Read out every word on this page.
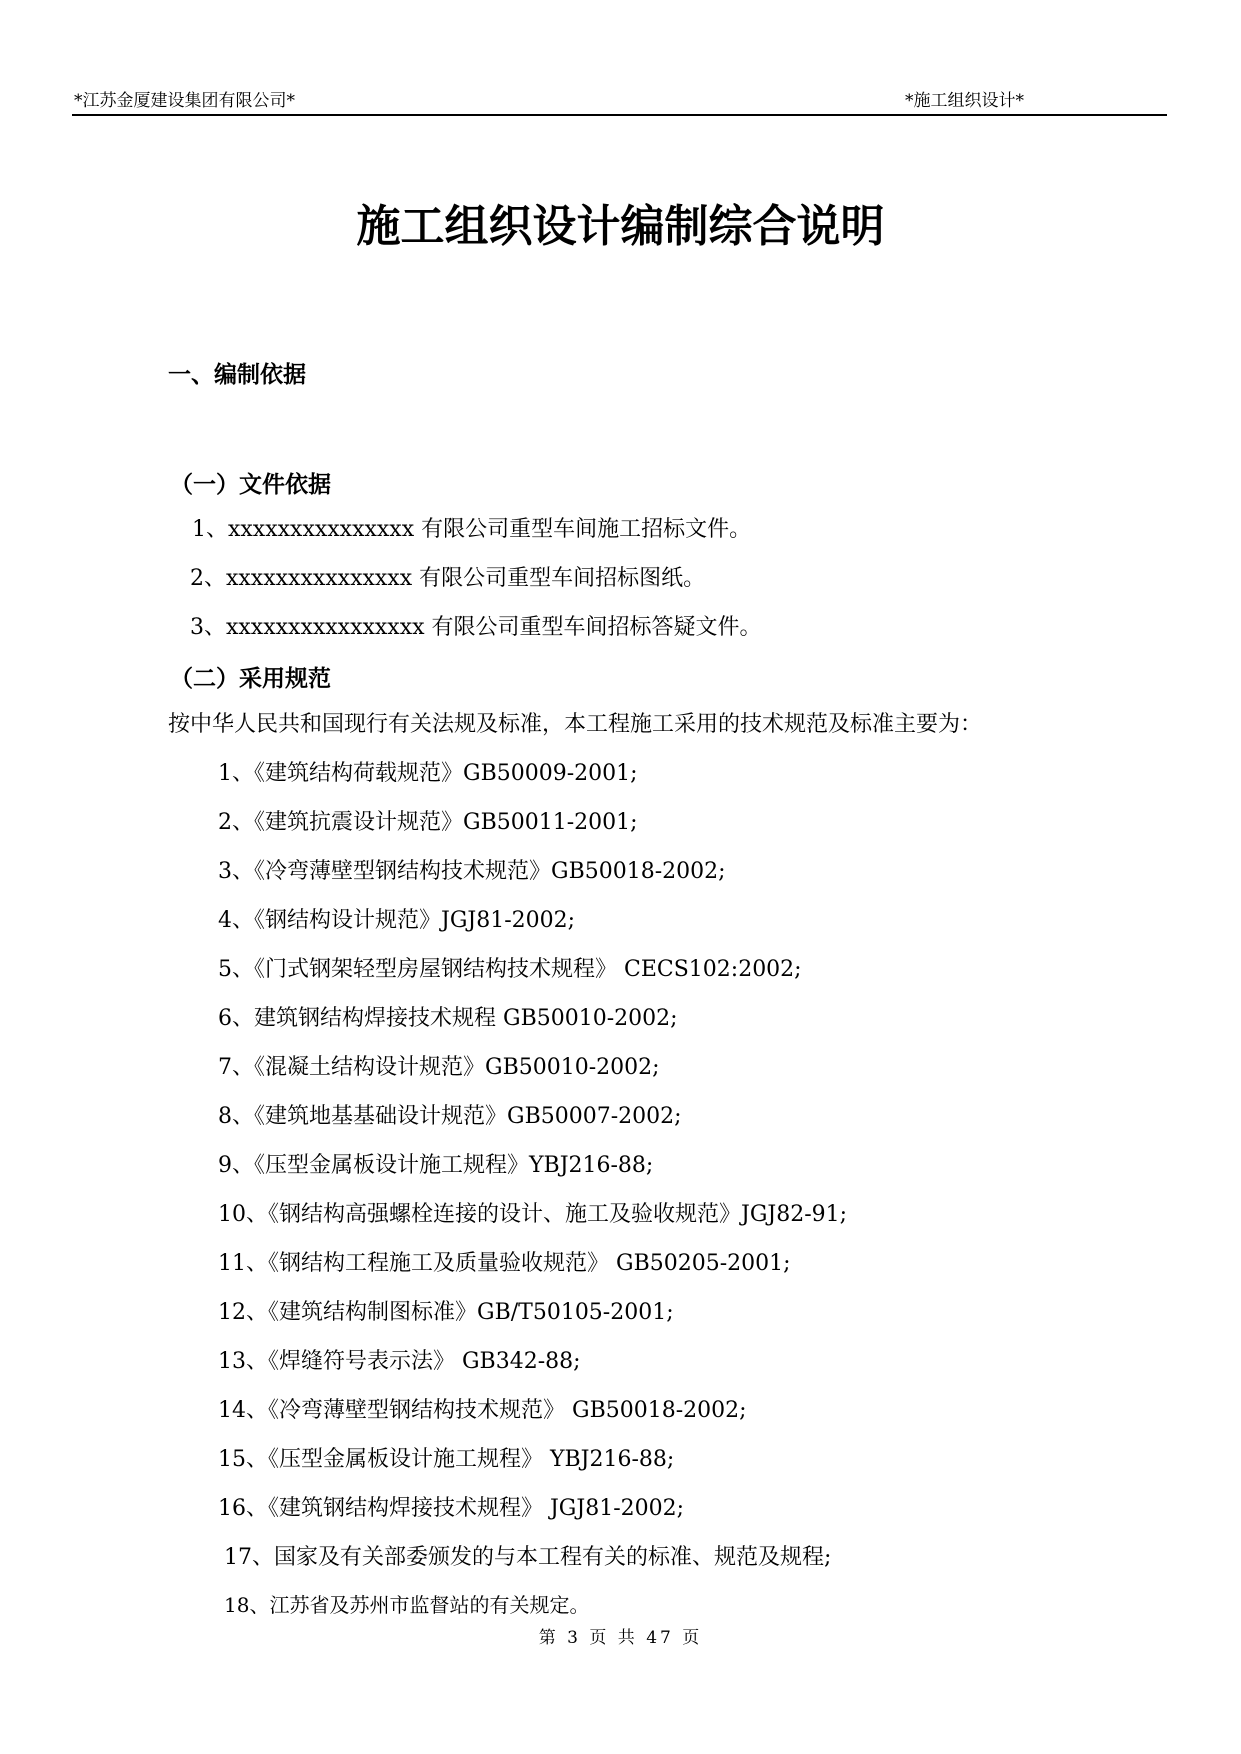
*江苏金厦建设集团有限公司*	*施工组织设计*
施工组织设计编制综合说明
一、编制依据
（一）文件依据
1、xxxxxxxxxxxxxxx 有限公司重型车间施工招标文件。
2、xxxxxxxxxxxxxxx 有限公司重型车间招标图纸。
3、xxxxxxxxxxxxxxxx 有限公司重型车间招标答疑文件。
（二）采用规范
按中华人民共和国现行有关法规及标准，本工程施工采用的技术规范及标准主要为：
1、《建筑结构荷载规范》GB50009-2001;
2、《建筑抗震设计规范》GB50011-2001;
3、《冷弯薄壁型钢结构技术规范》GB50018-2002;
4、《钢结构设计规范》JGJ81-2002;
5、《门式钢架轻型房屋钢结构技术规程》 CECS102:2002;
6、建筑钢结构焊接技术规程 GB50010-2002;
7、《混凝土结构设计规范》GB50010-2002;
8、《建筑地基基础设计规范》GB50007-2002;
9、《压型金属板设计施工规程》YBJ216-88;
10、《钢结构高强螺栓连接的设计、施工及验收规范》JGJ82-91;
11、《钢结构工程施工及质量验收规范》 GB50205-2001;
12、《建筑结构制图标准》GB/T50105-2001;
13、《焊缝符号表示法》 GB342-88;
14、《冷弯薄壁型钢结构技术规范》 GB50018-2002;
15、《压型金属板设计施工规程》 YBJ216-88;
16、《建筑钢结构焊接技术规程》 JGJ81-2002;
17、国家及有关部委颁发的与本工程有关的标准、规范及规程;
18、江苏省及苏州市监督站的有关规定。
第 3 页 共 47 页
